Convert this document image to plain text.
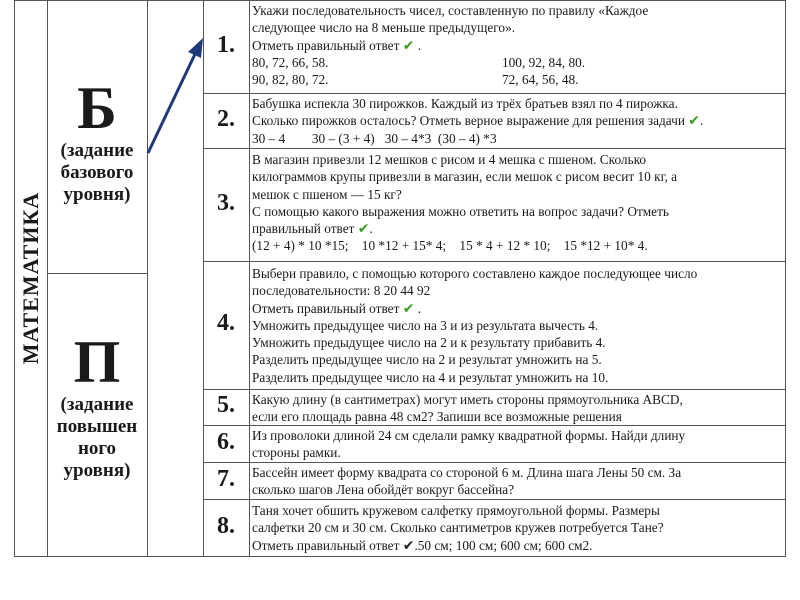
МАТЕМАТИКА
Б
(задание
базового
уровня)
П
(задание
повышен
ного
уровня)
1.
2.
3.
4.
5.
6.
7.
8.
Укажи последовательность чисел, составленную по правилу «Каждое
следующее число на 8 меньше предыдущего».
Отметь правильный ответ ✔ .
80, 72, 66, 58.	100, 92, 84, 80.
90, 82, 80, 72.	72, 64, 56, 48.
Бабушка испекла 30 пирожков. Каждый из трёх братьев взял по 4 пирожка.
Сколько пирожков осталось? Отметь верное выражение для решения задачи ✔.
30 – 4        30 – (3 + 4)   30 – 4*3  (30 – 4) *3
В магазин привезли 12 мешков с рисом и 4 мешка с пшеном. Сколько
килограммов крупы привезли в магазин, если мешок с рисом весит 10 кг, а
мешок с пшеном — 15 кг?
С помощью какого выражения можно ответить на вопрос задачи? Отметь
правильный ответ ✔.
(12 + 4) * 10 *15;    10 *12 + 15* 4;    15 * 4 + 12 * 10;    15 *12 + 10* 4.
Выбери правило, с помощью которого составлено каждое последующее число
последовательности: 8 20 44 92
Отметь правильный ответ ✔ .
Умножить предыдущее число на 3 и из результата вычесть 4.
Умножить предыдущее число на 2 и к результату прибавить 4.
Разделить предыдущее число на 2 и результат умножить на 5.
Разделить предыдущее число на 4 и результат умножить на 10.
Какую длину (в сантиметрах) могут иметь стороны прямоугольника ABCD,
если его площадь равна 48 см2? Запиши все возможные решения
Из проволоки длиной 24 см сделали рамку квадратной формы. Найди длину
стороны рамки.
Бассейн имеет форму квадрата со стороной 6 м. Длина шага Лены 50 см. За
сколько шагов Лена обойдёт вокруг бассейна?
Таня хочет обшить кружевом салфетку прямоугольной формы. Размеры
салфетки 20 см и 30 см. Сколько сантиметров кружев потребуется Тане?
Отметь правильный ответ ✔.50 см; 100 см; 600 см; 600 см2.
